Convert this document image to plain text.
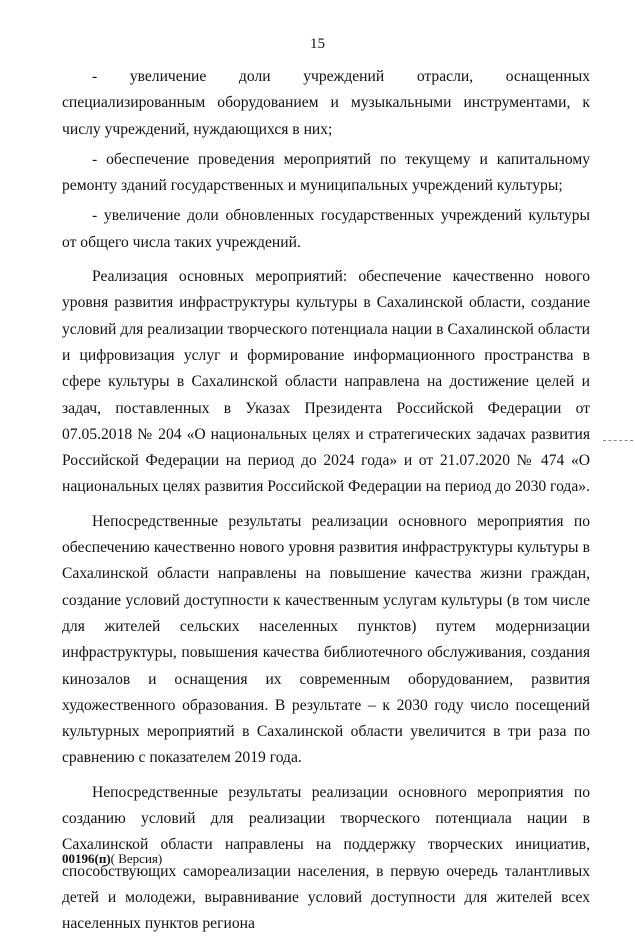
15

- увеличение доли учреждений отрасли, оснащенных специализированным оборудованием и музыкальными инструментами, к числу учреждений, нуждающихся в них;

- обеспечение проведения мероприятий по текущему и капитальному ремонту зданий государственных и муниципальных учреждений культуры;

- увеличение доли обновленных государственных учреждений культуры от общего числа таких учреждений.

Реализация основных мероприятий: обеспечение качественно нового уровня развития инфраструктуры культуры в Сахалинской области, создание условий для реализации творческого потенциала нации в Сахалинской области и цифровизация услуг и формирование информационного пространства в сфере культуры в Сахалинской области направлена на достижение целей и задач, поставленных в Указах Президента Российской Федерации от 07.05.2018 № 204 «О национальных целях и стратегических задачах развития Российской Федерации на период до 2024 года» и от 21.07.2020 № 474 «О национальных целях развития Российской Федерации на период до 2030 года».

Непосредственные результаты реализации основного мероприятия по обеспечению качественно нового уровня развития инфраструктуры культуры в Сахалинской области направлены на повышение качества жизни граждан, создание условий доступности к качественным услугам культуры (в том числе для жителей сельских населенных пунктов) путем модернизации инфраструктуры, повышения качества библиотечного обслуживания, создания кинозалов и оснащения их современным оборудованием, развития художественного образования. В результате – к 2030 году число посещений культурных мероприятий в Сахалинской области увеличится в три раза по сравнению с показателем 2019 года.

Непосредственные результаты реализации основного мероприятия по созданию условий для реализации творческого потенциала нации в Сахалинской области направлены на поддержку творческих инициатив, способствующих самореализации населения, в первую очередь талантливых детей и молодежи, выравнивание условий доступности для жителей всех населенных пунктов региона

00196(п)( Версия)
